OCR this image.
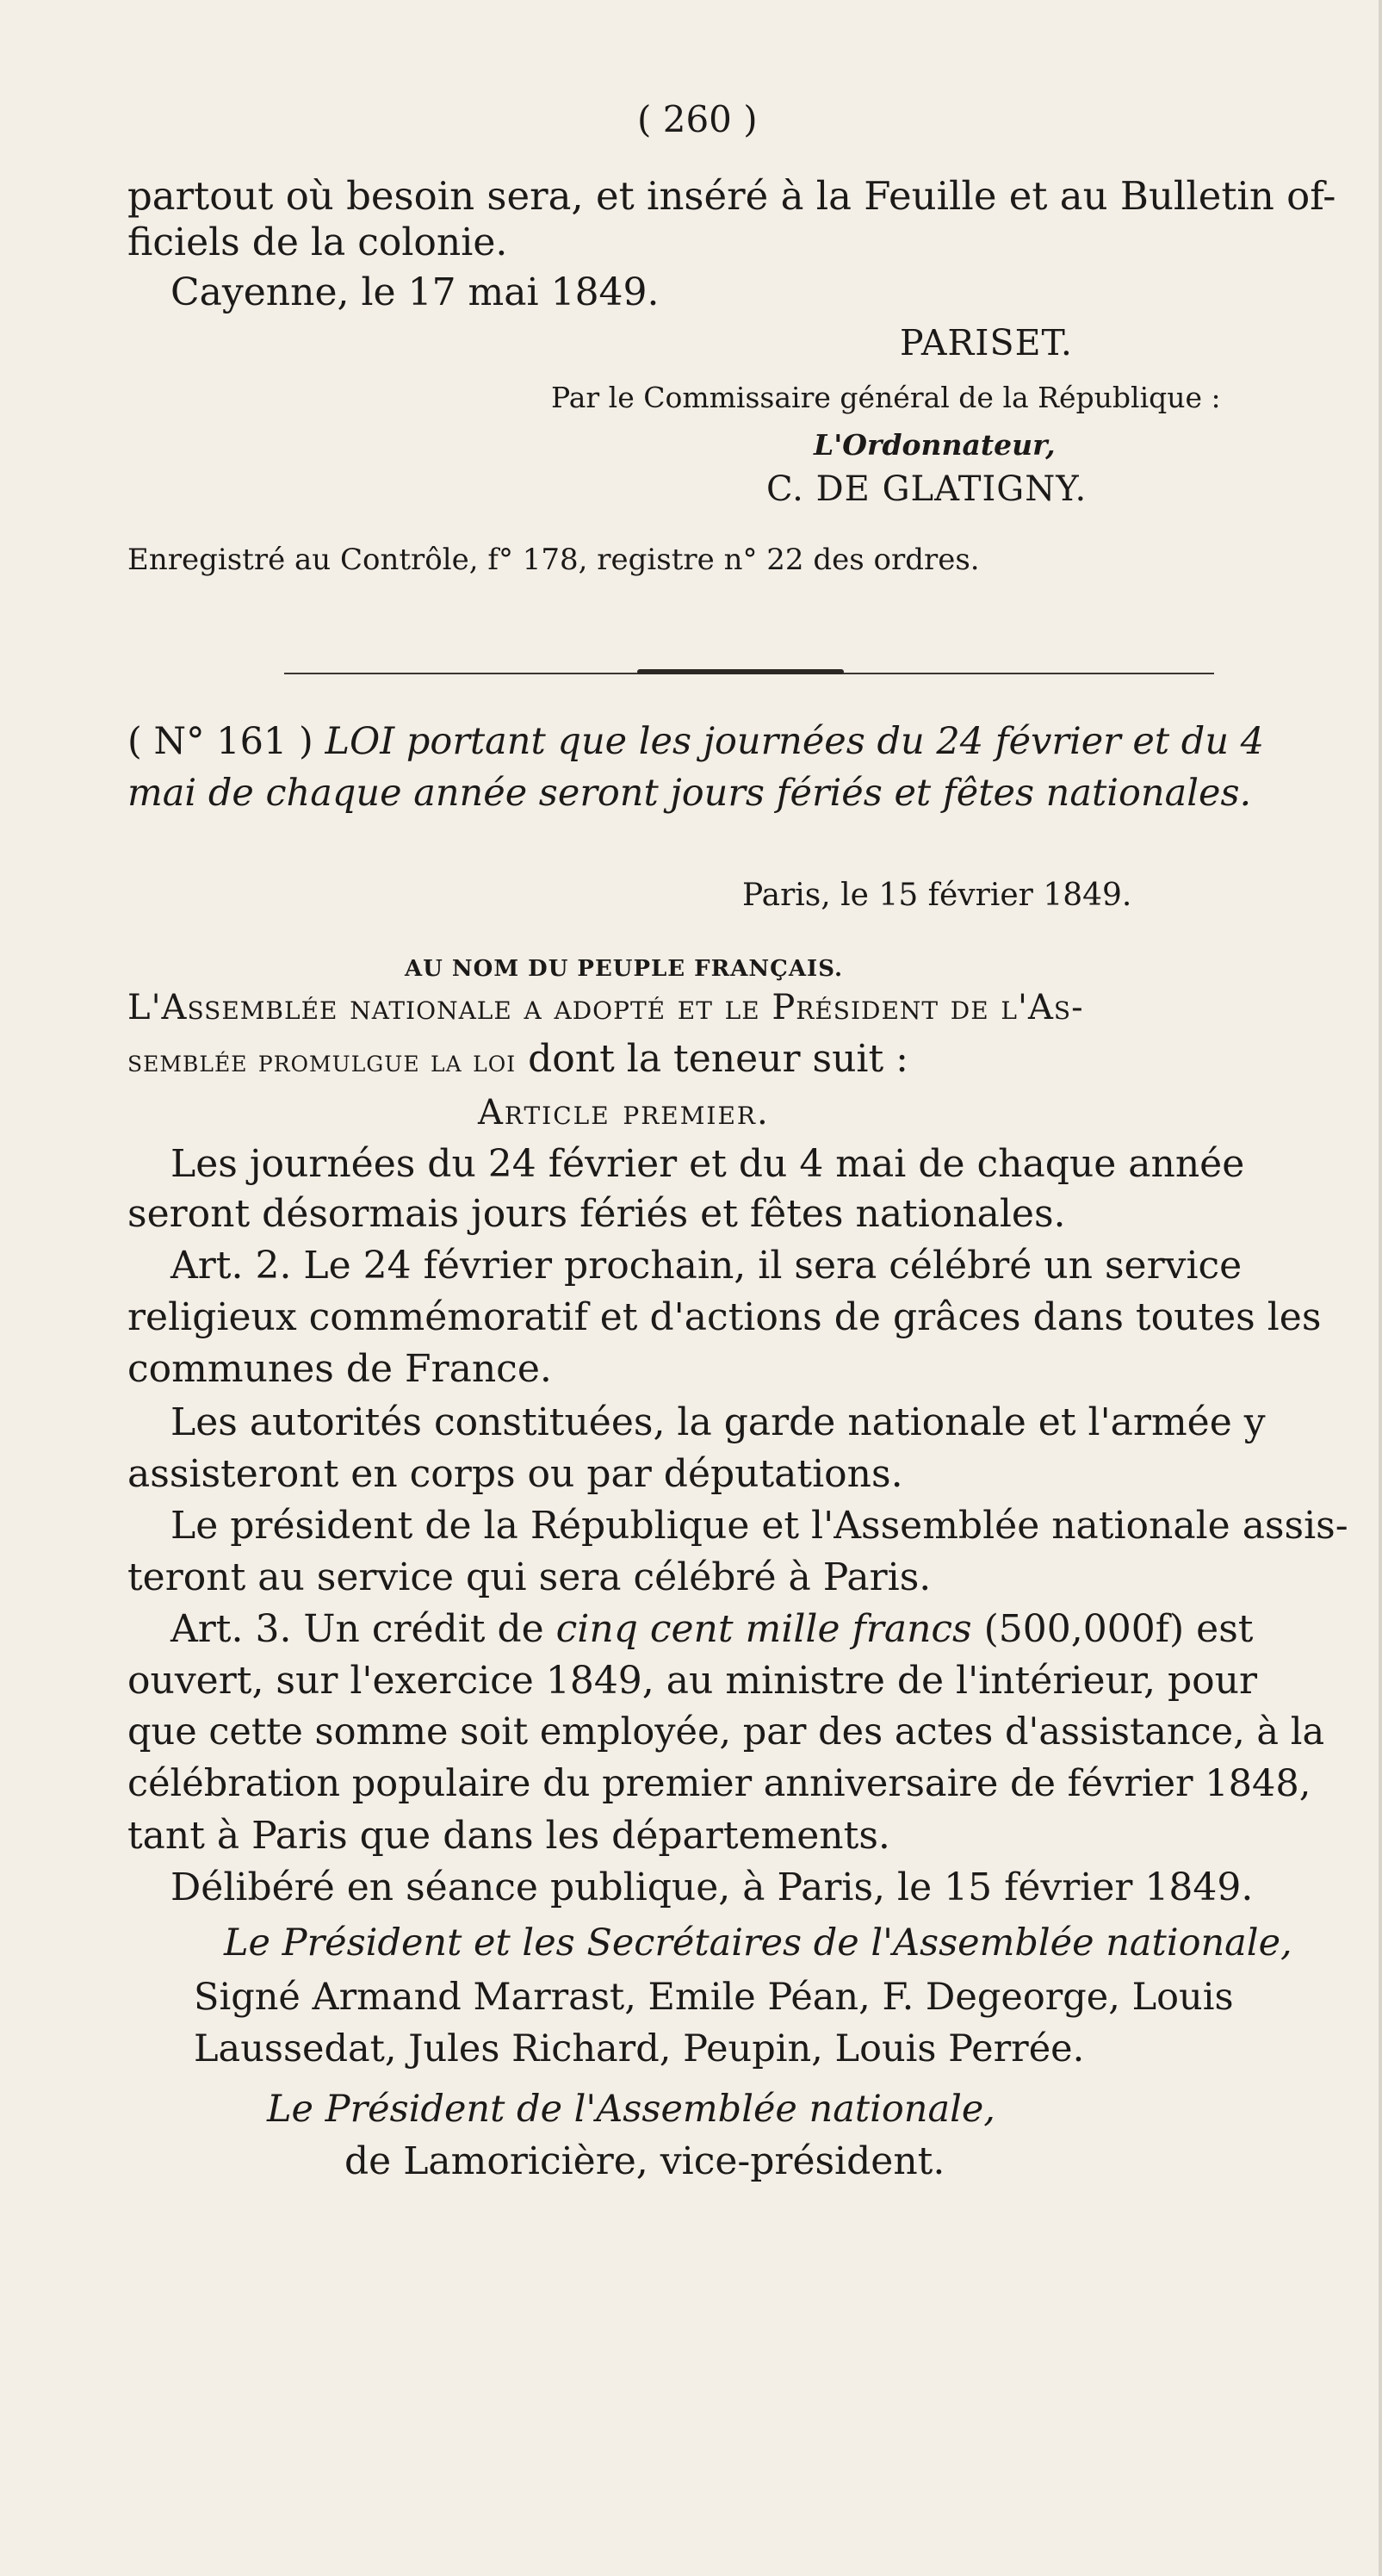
( 260 )
partout où besoin sera, et inséré à la Feuille et au Bulletin of-
ficiels de la colonie.
Cayenne, le 17 mai 1849.
PARISET.
Par le Commissaire général de la République :
L'Ordonnateur,
C. DE GLATIGNY.
Enregistré au Contrôle, f° 178, registre n° 22 des ordres.
( N° 161 ) LOI portant que les journées du 24 février et du 4
mai de chaque année seront jours fériés et fêtes nationales.
Paris, le 15 février 1849.
AU NOM DU PEUPLE FRANÇAIS.
L'Assemblée nationale a adopté et le Président de l'As-
semblée promulgue la loi dont la teneur suit :
Article premier.
Les journées du 24 février et du 4 mai de chaque année
seront désormais jours fériés et fêtes nationales.
Art. 2. Le 24 février prochain, il sera célébré un service
religieux commémoratif et d'actions de grâces dans toutes les
communes de France.
Les autorités constituées, la garde nationale et l'armée y
assisteront en corps ou par députations.
Le président de la République et l'Assemblée nationale assis-
teront au service qui sera célébré à Paris.
Art. 3. Un crédit de cinq cent mille francs (500,000f) est
ouvert, sur l'exercice 1849, au ministre de l'intérieur, pour
que cette somme soit employée, par des actes d'assistance, à la
célébration populaire du premier anniversaire de février 1848,
tant à Paris que dans les départements.
Délibéré en séance publique, à Paris, le 15 février 1849.
Le Président et les Secrétaires de l'Assemblée nationale,
Signé Armand Marrast, Emile Péan, F. Degeorge, Louis
Laussedat, Jules Richard, Peupin, Louis Perrée.
Le Président de l'Assemblée nationale,
de Lamoricière, vice-président.
